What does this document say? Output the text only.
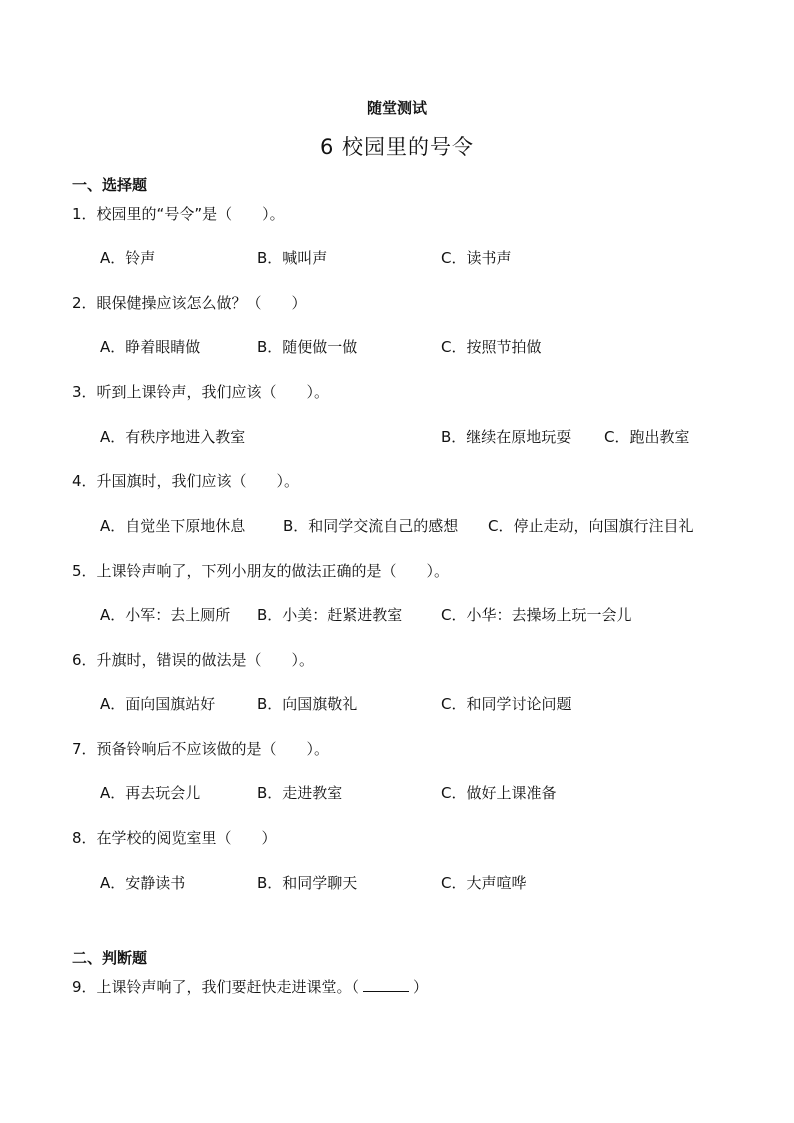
随堂测试
6 校园里的号令
一、选择题
1．校园里的“号令”是（　　）。
A．铃声	B．喊叫声	C．读书声
2．眼保健操应该怎么做？（　　）
A．睁着眼睛做	B．随便做一做	C．按照节拍做
3．听到上课铃声，我们应该（　　）。
A．有秩序地进入教室	B．继续在原地玩耍 C．跑出教室
4．升国旗时，我们应该（　　）。
A．自觉坐下原地休息	B．和同学交流自己的感想 C．停止走动，向国旗行注目礼
5．上课铃声响了，下列小朋友的做法正确的是（　　）。
A．小军：去上厕所 B．小美：赶紧进教室	C．小华：去操场上玩一会儿
6．升旗时，错误的做法是（　　）。
A．面向国旗站好	B．向国旗敬礼	C．和同学讨论问题
7．预备铃响后不应该做的是（　　）。
A．再去玩会儿	B．走进教室	C．做好上课准备
8．在学校的阅览室里（　　）
A．安静读书	B．和同学聊天	C．大声喧哗
二、判断题
9．上课铃声响了，我们要赶快走进课堂。（	）
